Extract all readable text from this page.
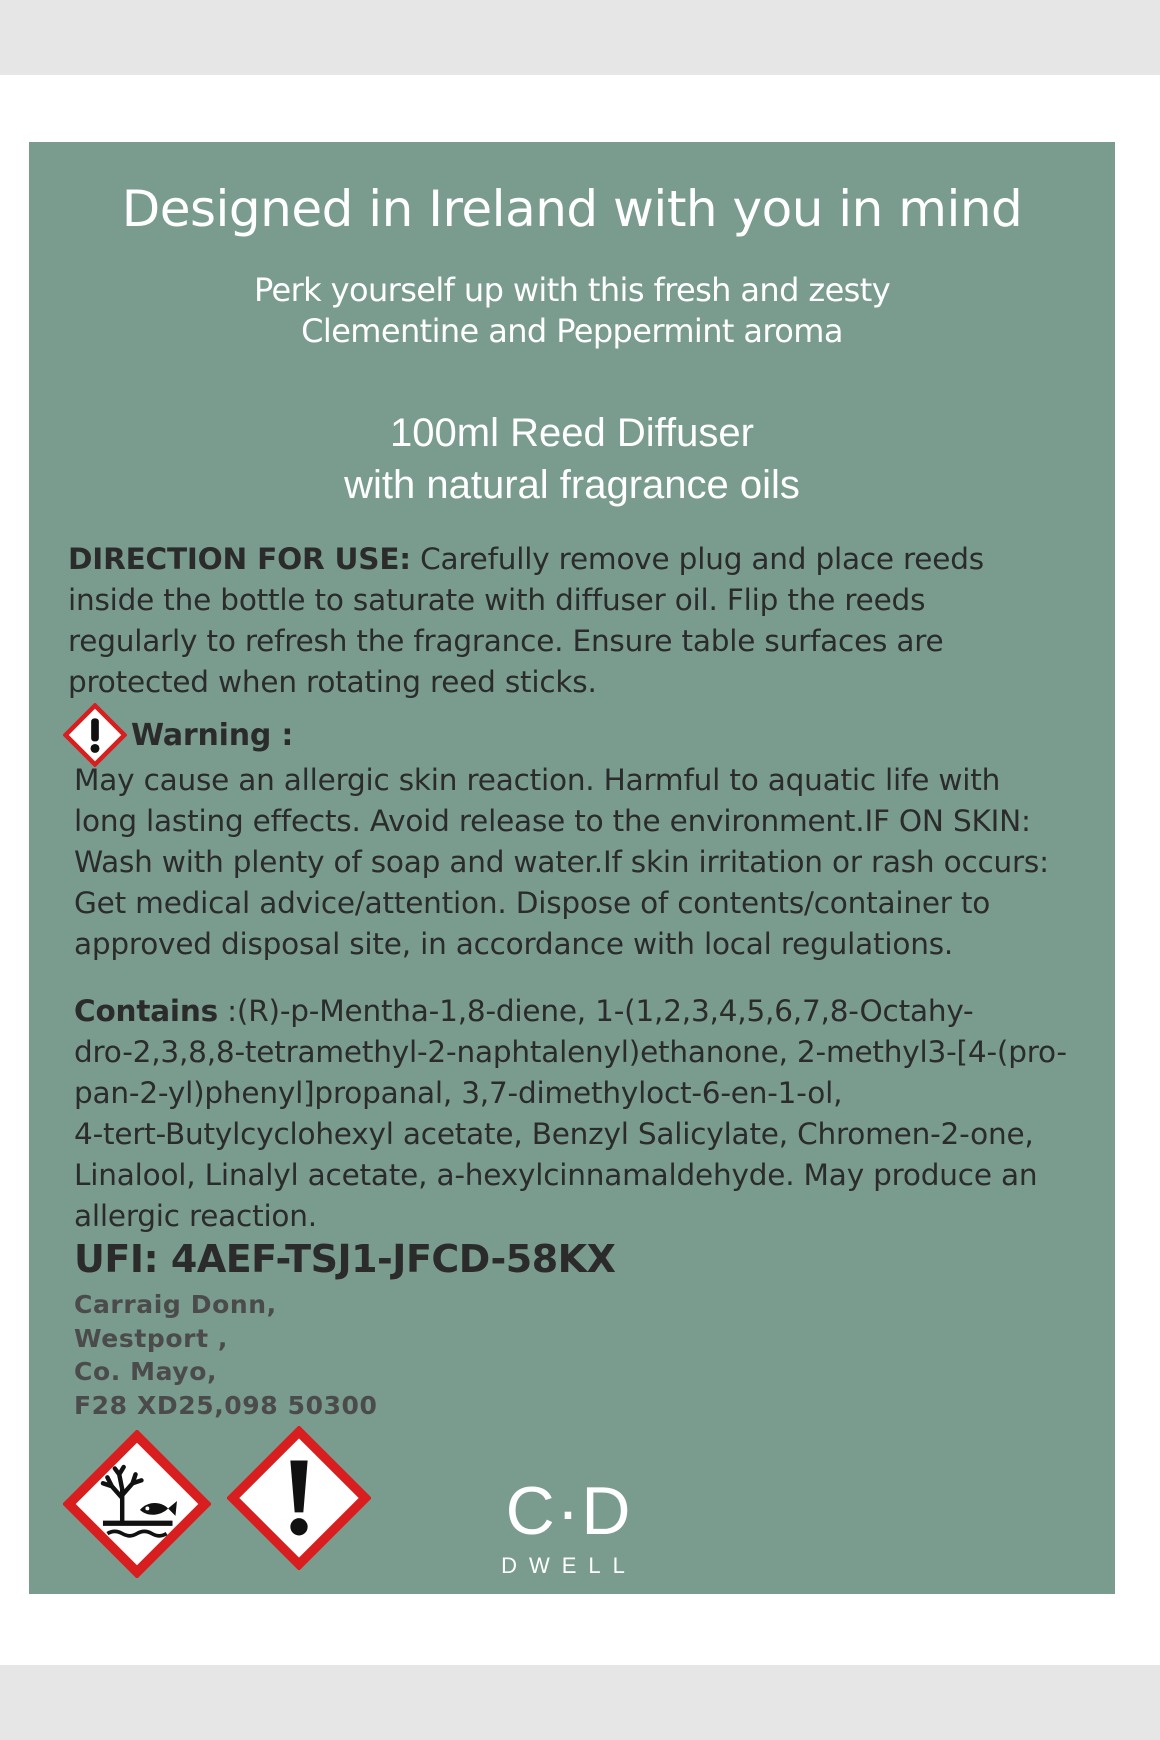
Designed in Ireland with you in mind
Perk yourself up with this fresh and zesty
Clementine and Peppermint aroma
100ml Reed Diffuser
with natural fragrance oils
DIRECTION FOR USE: Carefully remove plug and place reeds
inside the bottle to saturate with diffuser oil. Flip the reeds
regularly to refresh the fragrance. Ensure table surfaces are
protected when rotating reed sticks.
Warning :
May cause an allergic skin reaction. Harmful to aquatic life with
long lasting effects. Avoid release to the environment.IF ON SKIN:
Wash with plenty of soap and water.If skin irritation or rash occurs:
Get medical advice/attention. Dispose of contents/container to
approved disposal site, in accordance with local regulations.
Contains :(R)-p-Mentha-1,8-diene, 1-(1,2,3,4,5,6,7,8-Octahy-
dro-2,3,8,8-tetramethyl-2-naphtalenyl)ethanone, 2-methyl3-[4-(pro-
pan-2-yl)phenyl]propanal, 3,7-dimethyloct-6-en-1-ol,
4-tert-Butylcyclohexyl acetate, Benzyl Salicylate, Chromen-2-one,
Linalool, Linalyl acetate, a-hexylcinnamaldehyde. May produce an
allergic reaction.
UFI: 4AEF-TSJ1-JFCD-58KX
Carraig Donn,
Westport ,
Co. Mayo,
F28 XD25,098 50300
C·D
DWELL
